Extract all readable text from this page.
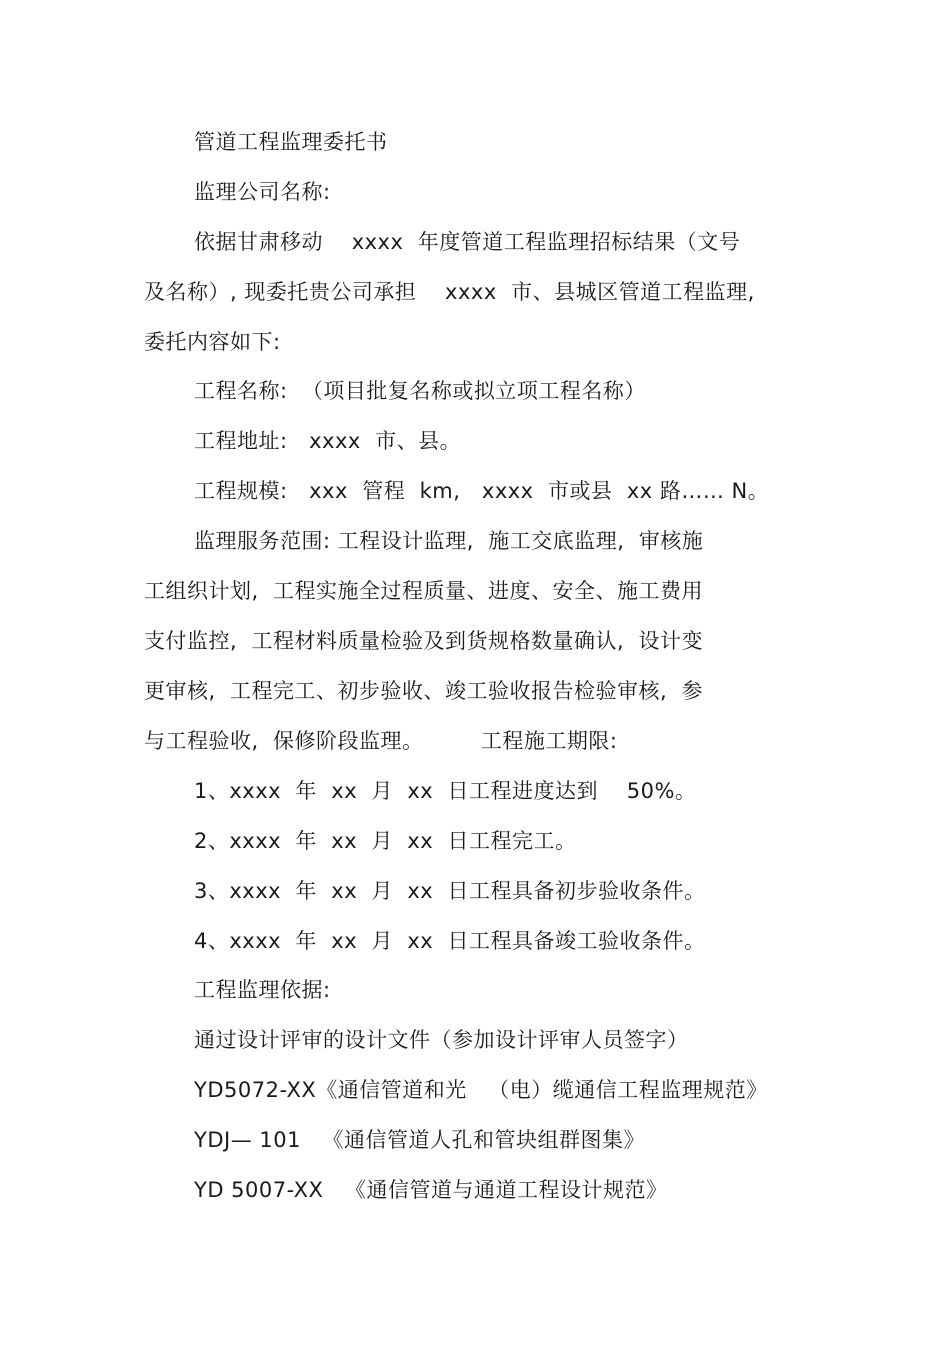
管道工程监理委托书
监理公司名称:
依据甘肃移动    xxxx  年度管道工程监理招标结果（文号
及名称）, 现委托贵公司承担    xxxx  市、县城区管道工程监理,
委托内容如下:
工程名称:  （项目批复名称或拟立项工程名称）
工程地址:   xxxx  市、县。
工程规模:   xxx  管程  km,   xxxx  市或县  xx 路…… N。
监理服务范围: 工程设计监理,  施工交底监理,  审核施
工组织计划,  工程实施全过程质量、进度、安全、施工费用
支付监控,  工程材料质量检验及到货规格数量确认,  设计变
更审核,  工程完工、初步验收、竣工验收报告检验审核,  参
与工程验收,  保修阶段监理。        工程施工期限:
1、xxxx  年  xx  月  xx  日工程进度达到    50%。
2、xxxx  年  xx  月  xx  日工程完工。
3、xxxx  年  xx  月  xx  日工程具备初步验收条件。
4、xxxx  年  xx  月  xx  日工程具备竣工验收条件。
工程监理依据:
通过设计评审的设计文件（参加设计评审人员签字）
YD5072-XX《通信管道和光   （电）缆通信工程监理规范》
YDJ— 101   《通信管道人孔和管块组群图集》
YD 5007-XX   《通信管道与通道工程设计规范》
